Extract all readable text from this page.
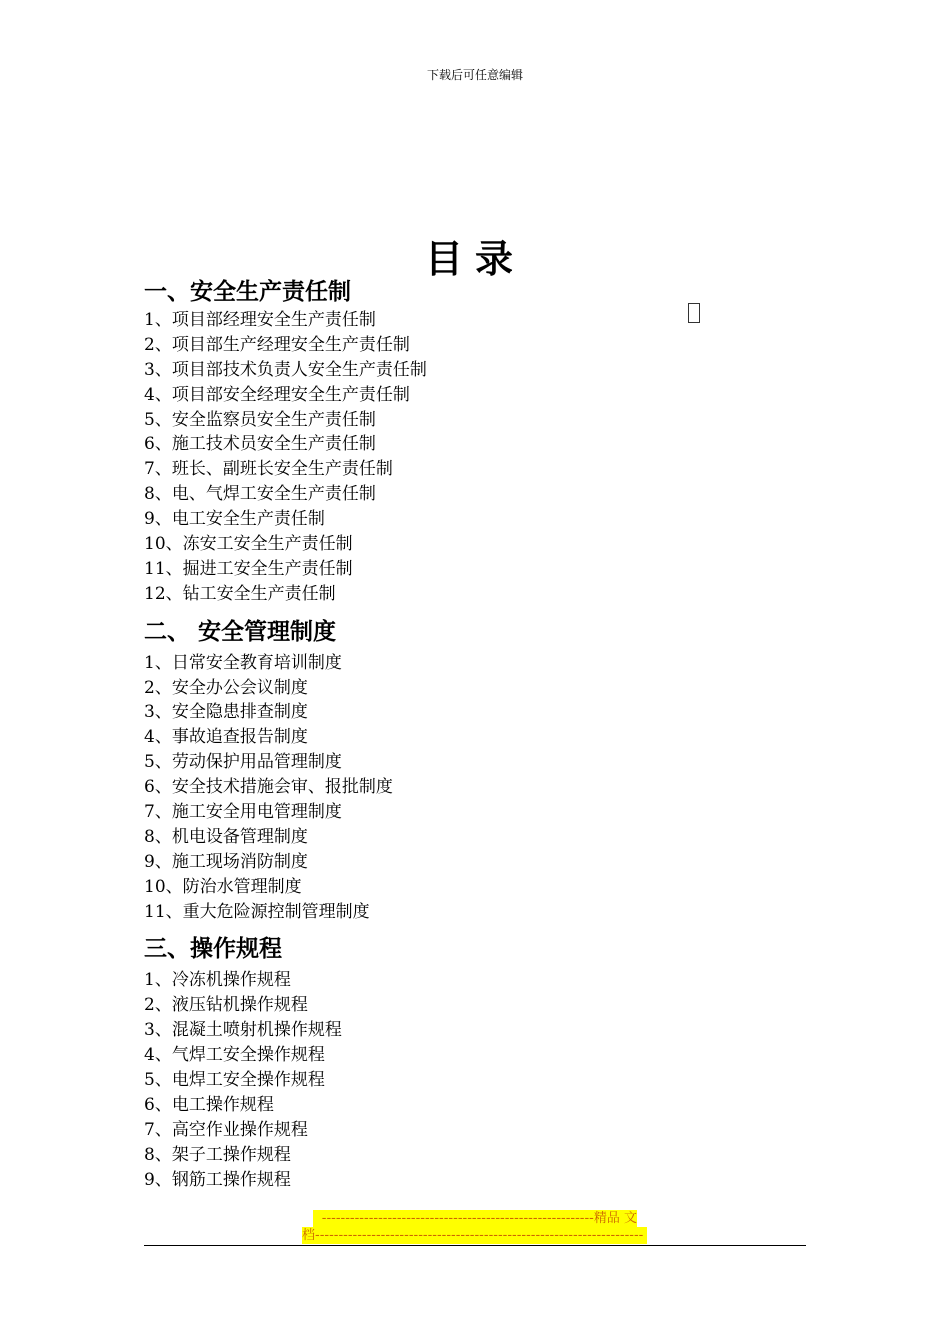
下载后可任意编辑
目录
一、安全生产责任制
1、项目部经理安全生产责任制
2、项目部生产经理安全生产责任制
3、项目部技术负责人安全生产责任制
4、项目部安全经理安全生产责任制
5、安全监察员安全生产责任制
6、施工技术员安全生产责任制
7、班长、副班长安全生产责任制
8、电、气焊工安全生产责任制
9、电工安全生产责任制
10、冻安工安全生产责任制
11、掘进工安全生产责任制
12、钻工安全生产责任制
二、 安全管理制度
1、日常安全教育培训制度
2、安全办公会议制度
3、安全隐患排查制度
4、事故追查报告制度
5、劳动保护用品管理制度
6、安全技术措施会审、报批制度
7、施工安全用电管理制度
8、机电设备管理制度
9、施工现场消防制度
10、防治水管理制度
11、重大危险源控制管理制度
三、操作规程
1、冷冻机操作规程
2、液压钻机操作规程
3、混凝土喷射机操作规程
4、气焊工安全操作规程
5、电焊工安全操作规程
6、电工操作规程
7、高空作业操作规程
8、架子工操作规程
9、钢筋工操作规程
----------------------------------------------------------精品 文
档----------------------------------------------------------------------
